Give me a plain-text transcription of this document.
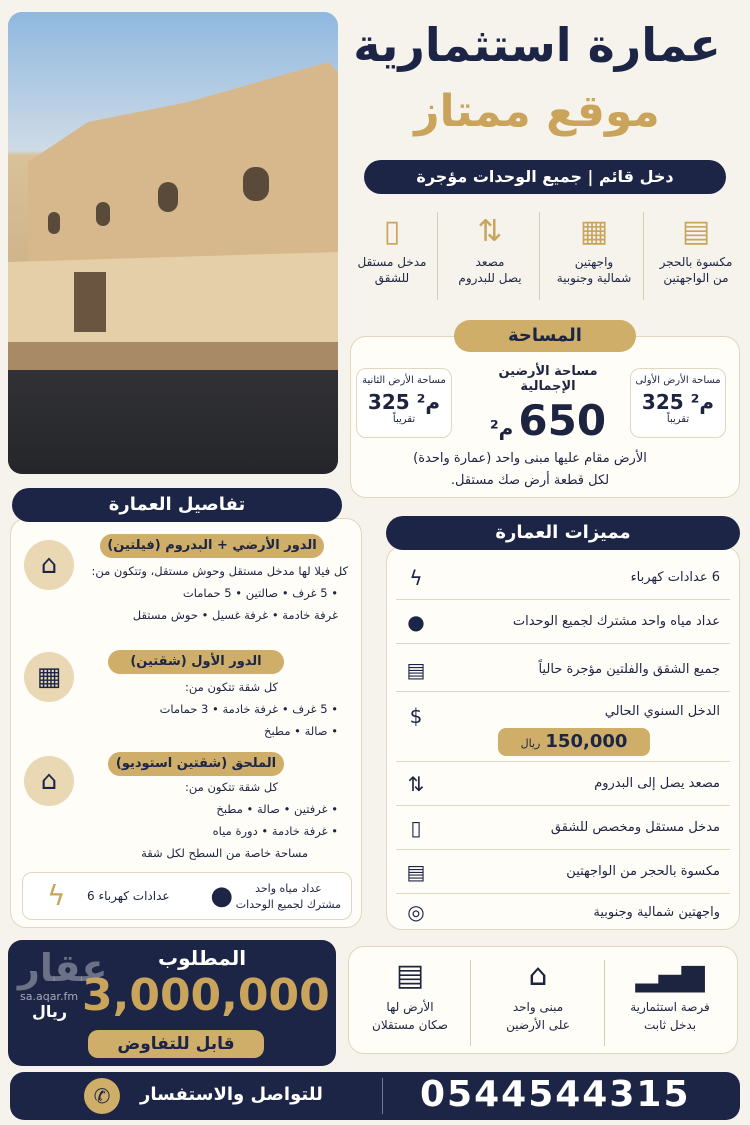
عمارة استثمارية
موقع ممتاز
دخل قائم | جميع الوحدات مؤجرة
▤
مكسوة بالحجر
من الواجهتين
▦
واجهتين
شمالية وجنوبية
⇅
مصعد
يصل للبدروم
▯
مدخل مستقل
للشقق
المساحة
مساحة الأرض الأولى
325 م²
تقريباً
مساحة الأرضين الإجمالية
650 م²
مساحة الأرض الثانية
325 م²
تقريباً
الأرض مقام عليها مبنى واحد (عمارة واحدة)
لكل قطعة أرض صك مستقل.
تفاصيل العمارة
⌂
الدور الأرضي + البدروم (فيلتين)
كل فيلا لها مدخل مستقل وحوش مستقل، وتتكون من:
• 5 غرف • صالتين • 5 حمامات
غرفة خادمة • غرفة غسيل • حوش مستقل
▦
الدور الأول (شقتين)
كل شقة تتكون من:
• 5 غرف • غرفة خادمة • 3 حمامات
• صالة • مطبخ
⌂
الملحق (شقتين استوديو)
كل شقة تتكون من:
• غرفتين • صالة • مطبخ
• غرفة خادمة • دورة مياه
مساحة خاصة من السطح لكل شقة
عداد مياه واحد
مشترك لجميع الوحدات
●
6 عدادات كهرباء
ϟ
مميزات العمارة
6 عدادات كهرباء
ϟ
عداد مياه واحد مشترك لجميع الوحدات
●
جميع الشقق والفلتين مؤجرة حالياً
▤
الدخل السنوي الحالي
$
150,000 ريال
مصعد يصل إلى البدروم
⇅
مدخل مستقل ومخصص للشقق
▯
مكسوة بالحجر من الواجهتين
▤
واجهتين شمالية وجنوبية
◎
عقار
sa.aqar.fm
المطلوب
3,000,000
ريال
قابل للتفاوض
▂▄▆
فرصة استثمارية
بدخل ثابت
⌂
مبنى واحد
على الأرضين
▤
الأرض لها
صكان مستقلان
✆	للتواصل والاستفسار	0544544315
